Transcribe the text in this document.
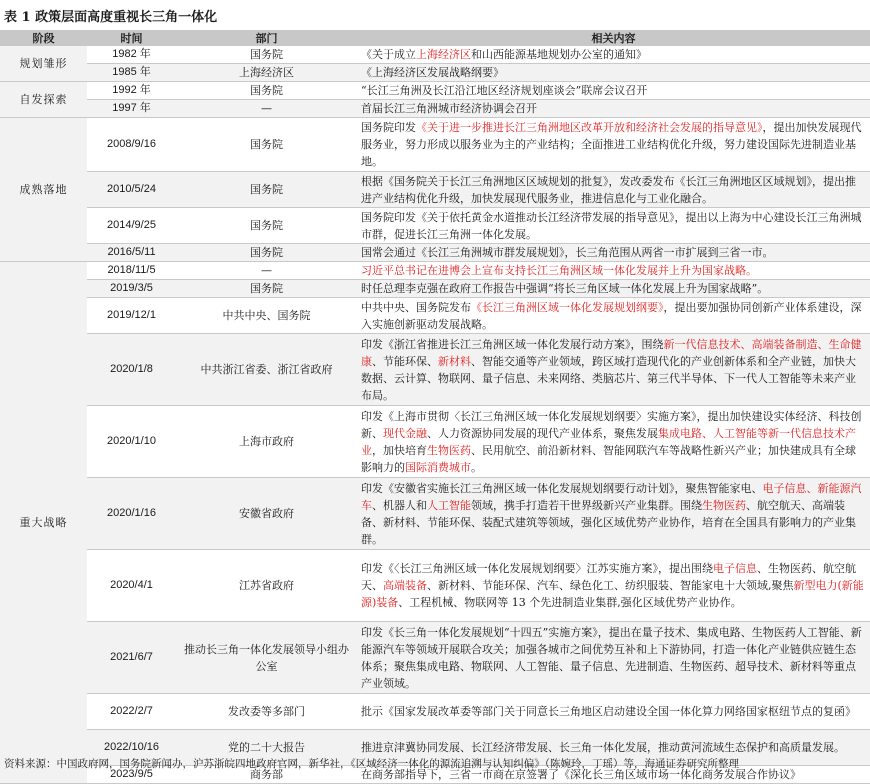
表 1 政策层面高度重视长三角一体化
阶段	时间	部门	相关内容
规划雏形	1982 年	国务院	《关于成立上海经济区和山西能源基地规划办公室的通知》
	1985 年	上海经济区	《上海经济区发展战略纲要》
自发探索	1992 年	国务院	“长江三角洲及长江沿江地区经济规划座谈会”联席会议召开
	1997 年	—	首届长江三角洲城市经济协调会召开
成熟落地	2008/9/16	国务院	国务院印发《关于进一步推进长江三角洲地区改革开放和经济社会发展的指导意见》，提出加快发展现代服务业，努力形成以服务业为主的产业结构；全面推进工业结构优化升级，努力建设国际先进制造业基地。
	2010/5/24	国务院	根据《国务院关于长江三角洲地区区域规划的批复》，发改委发布《长江三角洲地区区域规划》，提出推进产业结构优化升级，加快发展现代服务业，推进信息化与工业化融合。
	2014/9/25	国务院	国务院印发《关于依托黄金水道推动长江经济带发展的指导意见》，提出以上海为中心建设长江三角洲城市群，促进长江三角洲一体化发展。
	2016/5/11	国务院	国常会通过《长江三角洲城市群发展规划》，长三角范围从两省一市扩展到三省一市。
重大战略	2018/11/5	—	习近平总书记在进博会上宣布支持长江三角洲区域一体化发展并上升为国家战略。
	2019/3/5	国务院	时任总理李克强在政府工作报告中强调“将长三角区域一体化发展上升为国家战略”。
	2019/12/1	中共中央、国务院	中共中央、国务院发布《长江三角洲区域一体化发展规划纲要》，提出要加强协同创新产业体系建设，深入实施创新驱动发展战略。
	2020/1/8	中共浙江省委、浙江省政府	印发《浙江省推进长江三角洲区域一体化发展行动方案》，围绕新一代信息技术、高端装备制造、生命健康、节能环保、新材料、智能交通等产业领域，跨区域打造现代化的产业创新体系和全产业链，加快大数据、云计算、物联网、量子信息、未来网络、类脑芯片、第三代半导体、下一代人工智能等未来产业布局。
	2020/1/10	上海市政府	印发《上海市贯彻〈长江三角洲区域一体化发展规划纲要〉实施方案》，提出加快建设实体经济、科技创新、现代金融、人力资源协同发展的现代产业体系，聚焦发展集成电路、人工智能等新一代信息技术产业，加快培育生物医药、民用航空、前沿新材料、智能网联汽车等战略性新兴产业；加快建成具有全球影响力的国际消费城市。
	2020/1/16	安徽省政府	印发《安徽省实施长江三角洲区域一体化发展规划纲要行动计划》，聚焦智能家电、电子信息、新能源汽车、机器人和人工智能领域，携手打造若干世界级新兴产业集群。围绕生物医药、航空航天、高端装备、新材料、节能环保、装配式建筑等领域，强化区域优势产业协作，培育在全国具有影响力的产业集群。
	2020/4/1	江苏省政府	印发《〈长江三角洲区域一体化发展规划纲要〉江苏实施方案》，提出围绕电子信息、生物医药、航空航天、高端装备、新材料、节能环保、汽车、绿色化工、纺织服装、智能家电十大领域,聚焦新型电力(新能源)装备、工程机械、物联网等 13 个先进制造业集群,强化区域优势产业协作。
	2021/6/7	推动长三角一体化发展领导小组办公室	印发《长三角一体化发展规划“十四五”实施方案》，提出在量子技术、集成电路、生物医药人工智能、新能源汽车等领域开展联合攻关；加强各城市之间优势互补和上下游协同，打造一体化产业链供应链生态体系；聚焦集成电路、物联网、人工智能、量子信息、先进制造、生物医药、超导技术、新材料等重点产业领域。
	2022/2/7	发改委等多部门	批示《国家发展改革委等部门关于同意长三角地区启动建设全国一体化算力网络国家枢纽节点的复函》
	2022/10/16	党的二十大报告	推进京津冀协同发展、长江经济带发展、长三角一体化发展，推动黄河流域生态保护和高质量发展。
	2023/9/5	商务部	在商务部指导下，三省一市商在京签署了《深化长三角区域市场一体化商务发展合作协议》
资料来源：中国政府网，国务院新闻办，沪苏浙皖四地政府官网，新华社，《区域经济一体化的源流追溯与认知纠偏》（陈婉玲，丁瑶）等，海通证券研究所整理
